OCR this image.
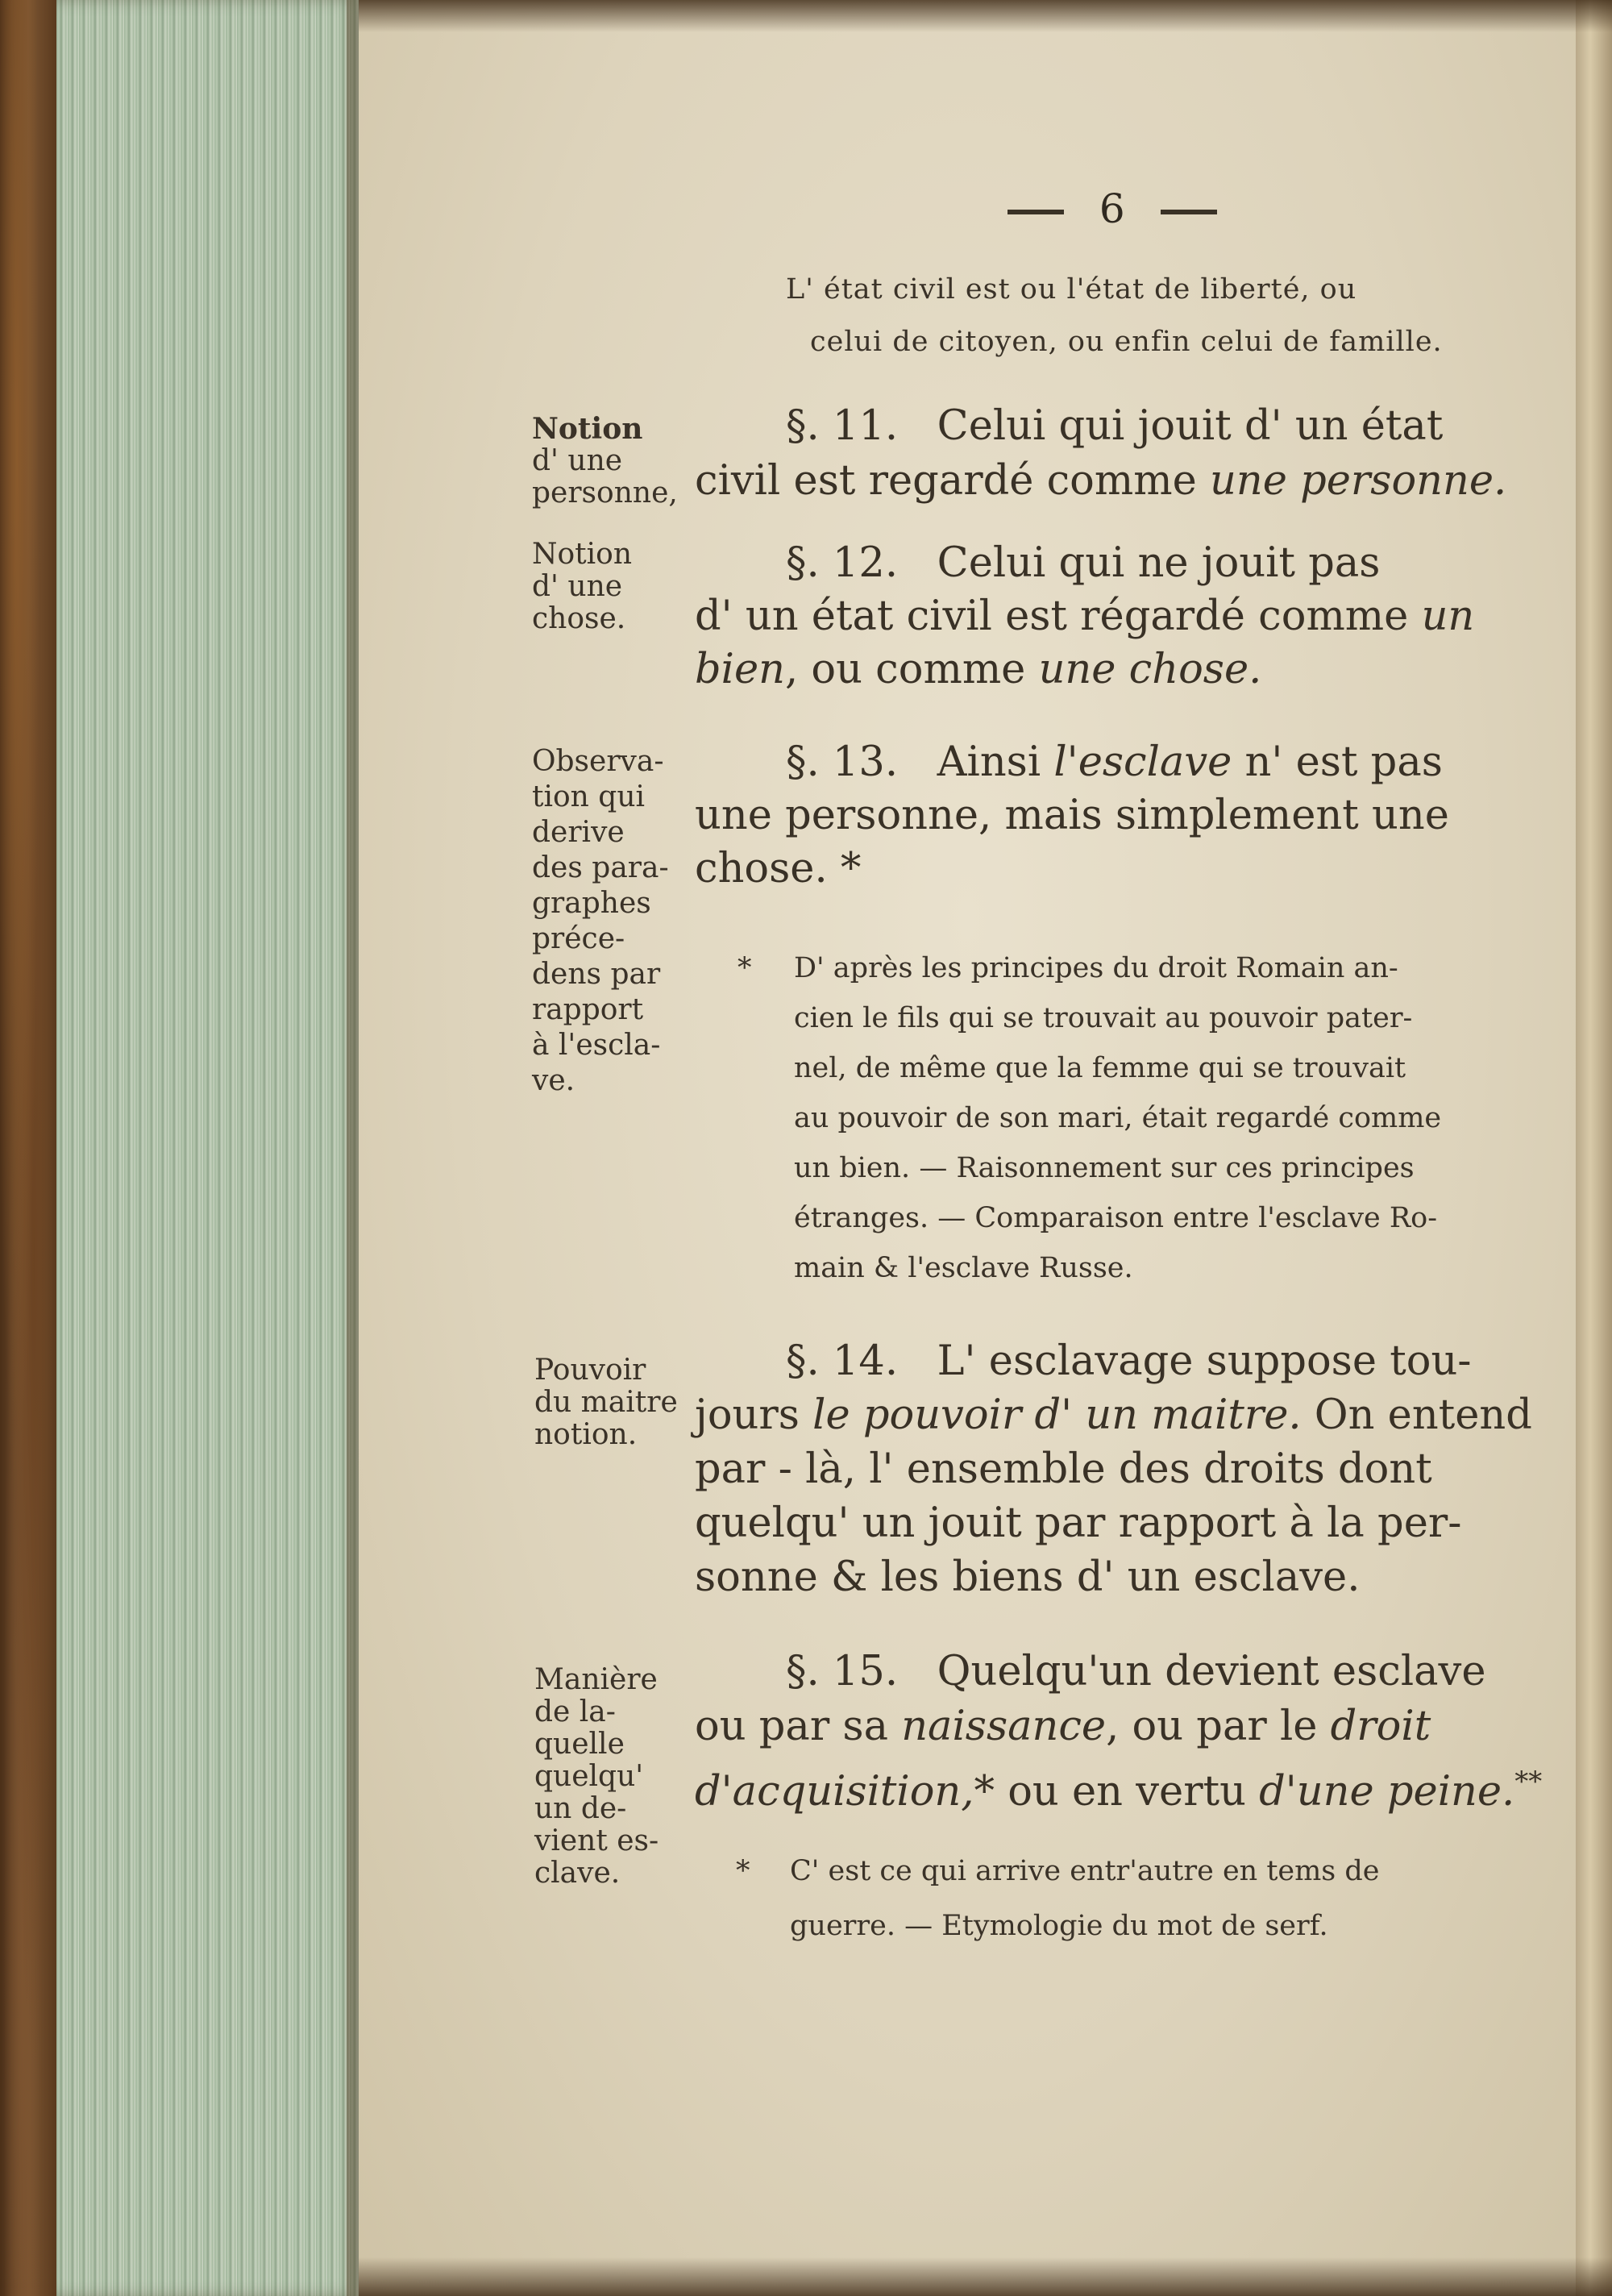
6
L' état civil est ou l'état de liberté, ou
celui de citoyen, ou enfin celui de famille.
Notion
d' une
personne,
Notion
d' une
chose.
Observa-
tion qui
derive
des para-
graphes
préce-
dens par
rapport
à l'escla-
ve.
Pouvoir
du maitre
notion.
Manière
de la-
quelle
quelqu'
un de-
vient es-
clave.
§. 11. Celui qui jouit d' un état
civil est regardé comme une personne.
§. 12. Celui qui ne jouit pas
d' un état civil est régardé comme un
bien, ou comme une chose.
§. 13. Ainsi l'esclave n' est pas
une personne, mais simplement une
chose. *
§. 14. L' esclavage suppose tou-
jours le pouvoir d' un maitre. On entend
par - là, l' ensemble des droits dont
quelqu' un jouit par rapport à la per-
sonne & les biens d' un esclave.
§. 15. Quelqu'un devient esclave
ou par sa naissance, ou par le droit
d'acquisition,* ou en vertu d'une peine.**
* D' après les principes du droit Romain an-
cien le fils qui se trouvait au pouvoir pater-
nel, de même que la femme qui se trouvait
au pouvoir de son mari, était regardé comme
un bien. — Raisonnement sur ces principes
étranges. — Comparaison entre l'esclave Ro-
main & l'esclave Russe.
* C' est ce qui arrive entr'autre en tems de
guerre. — Etymologie du mot de serf.
